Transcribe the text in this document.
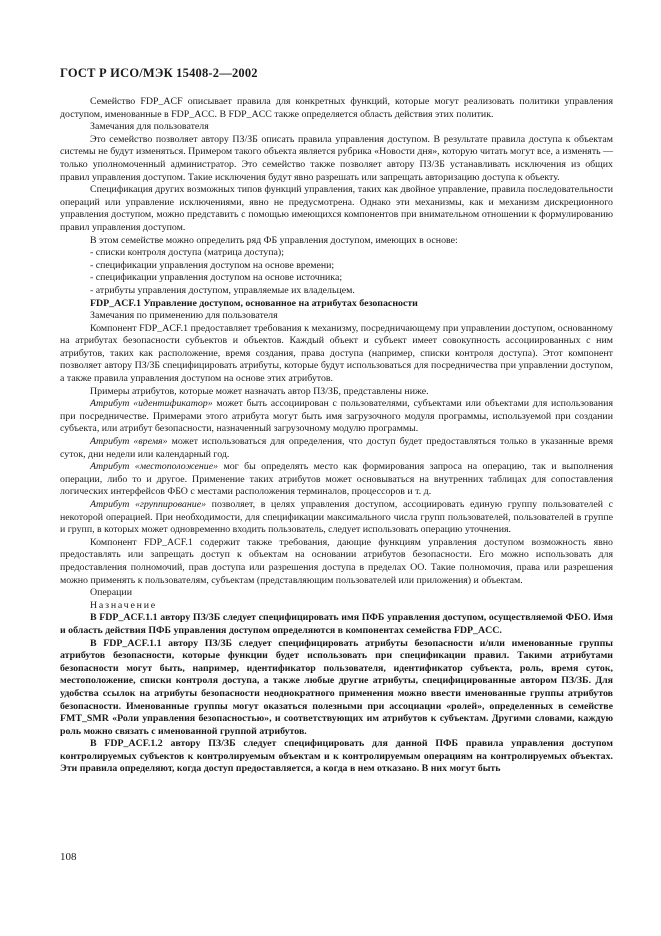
ГОСТ Р ИСО/МЭК 15408-2—2002

Семейство FDP_ACF описывает правила для конкретных функций, которые могут реализовать политики управления доступом, именованные в FDP_ACC. В FDP_ACC также определяется область действия этих политик.

Замечания для пользователя

Это семейство позволяет автору ПЗ/ЗБ описать правила управления доступом. В результате правила доступа к объектам системы не будут изменяться. Примером такого объекта является рубрика «Новости дня», которую читать могут все, а изменять — только уполномоченный администратор. Это семейство также позволяет автору ПЗ/ЗБ устанавливать исключения из общих правил управления доступом. Такие исключения будут явно разрешать или запрещать авторизацию доступа к объекту.

Спецификация других возможных типов функций управления, таких как двойное управление, правила последовательности операций или управление исключениями, явно не предусмотрена. Однако эти механизмы, как и механизм дискреционного управления доступом, можно представить с помощью имеющихся компонентов при внимательном отношении к формулированию правил управления доступом.

В этом семействе можно определить ряд ФБ управления доступом, имеющих в основе:

- списки контроля доступа (матрица доступа);

- спецификации управления доступом на основе времени;

- спецификации управления доступом на основе источника;

- атрибуты управления доступом, управляемые их владельцем.

FDP_ACF.1 Управление доступом, основанное на атрибутах безопасности

Замечания по применению для пользователя

Компонент FDP_ACF.1 предоставляет требования к механизму, посредничающему при управлении доступом, основанному на атрибутах безопасности субъектов и объектов. Каждый объект и субъект имеет совокупность ассоциированных с ним атрибутов, таких как расположение, время создания, права доступа (например, списки контроля доступа). Этот компонент позволяет автору ПЗ/ЗБ специфицировать атрибуты, которые будут использоваться для посредничества при управлении доступом, а также правила управления доступом на основе этих атрибутов.

Примеры атрибутов, которые может назначать автор ПЗ/ЗБ, представлены ниже.

Атрибут «идентификатор» может быть ассоциирован с пользователями, субъектами или объектами для использования при посредничестве. Примерами этого атрибута могут быть имя загрузочного модуля программы, используемой при создании субъекта, или атрибут безопасности, назначенный загрузочному модулю программы.

Атрибут «время» может использоваться для определения, что доступ будет предоставляться только в указанные время суток, дни недели или календарный год.

Атрибут «местоположение» мог бы определять место как формирования запроса на операцию, так и выполнения операции, либо то и другое. Применение таких атрибутов может основываться на внутренних таблицах для сопоставления логических интерфейсов ФБО с местами расположения терминалов, процессоров и т. д.

Атрибут «группирование» позволяет, в целях управления доступом, ассоциировать единую группу пользователей с некоторой операцией. При необходимости, для спецификации максимального числа групп пользователей, пользователей в группе и групп, в которых может одновременно входить пользователь, следует использовать операцию уточнения.

Компонент FDP_ACF.1 содержит также требования, дающие функциям управления доступом возможность явно предоставлять или запрещать доступ к объектам на основании атрибутов безопасности. Его можно использовать для предоставления полномочий, прав доступа или разрешения доступа в пределах ОО. Такие полномочия, права или разрешения можно применять к пользователям, субъектам (представляющим пользователей или приложения) и объектам.

Операции

Назначение

В FDP_ACF.1.1 автору ПЗ/ЗБ следует специфицировать имя ПФБ управления доступом, осуществляемой ФБО. Имя и область действия ПФБ управления доступом определяются в компонентах семейства FDP_ACC.

В FDP_ACF.1.1 автору ПЗ/ЗБ следует специфицировать атрибуты безопасности и/или именованные группы атрибутов безопасности, которые функции будет использовать при спецификации правил. Такими атрибутами безопасности могут быть, например, идентификатор пользователя, идентификатор субъекта, роль, время суток, местоположение, списки контроля доступа, а также любые другие атрибуты, специфицированные автором ПЗ/ЗБ. Для удобства ссылок на атрибуты безопасности неоднократного применения можно ввести именованные группы атрибутов безопасности. Именованные группы могут оказаться полезными при ассоциации «ролей», определенных в семействе FMT_SMR «Роли управления безопасностью», и соответствующих им атрибутов к субъектам. Другими словами, каждую роль можно связать с именованной группой атрибутов.

В FDP_ACF.1.2 автору ПЗ/ЗБ следует специфицировать для данной ПФБ правила управления доступом контролируемых субъектов к контролируемым объектам и к контролируемым операциям на контролируемых объектах. Эти правила определяют, когда доступ предоставляется, а когда в нем отказано. В них могут быть

108
